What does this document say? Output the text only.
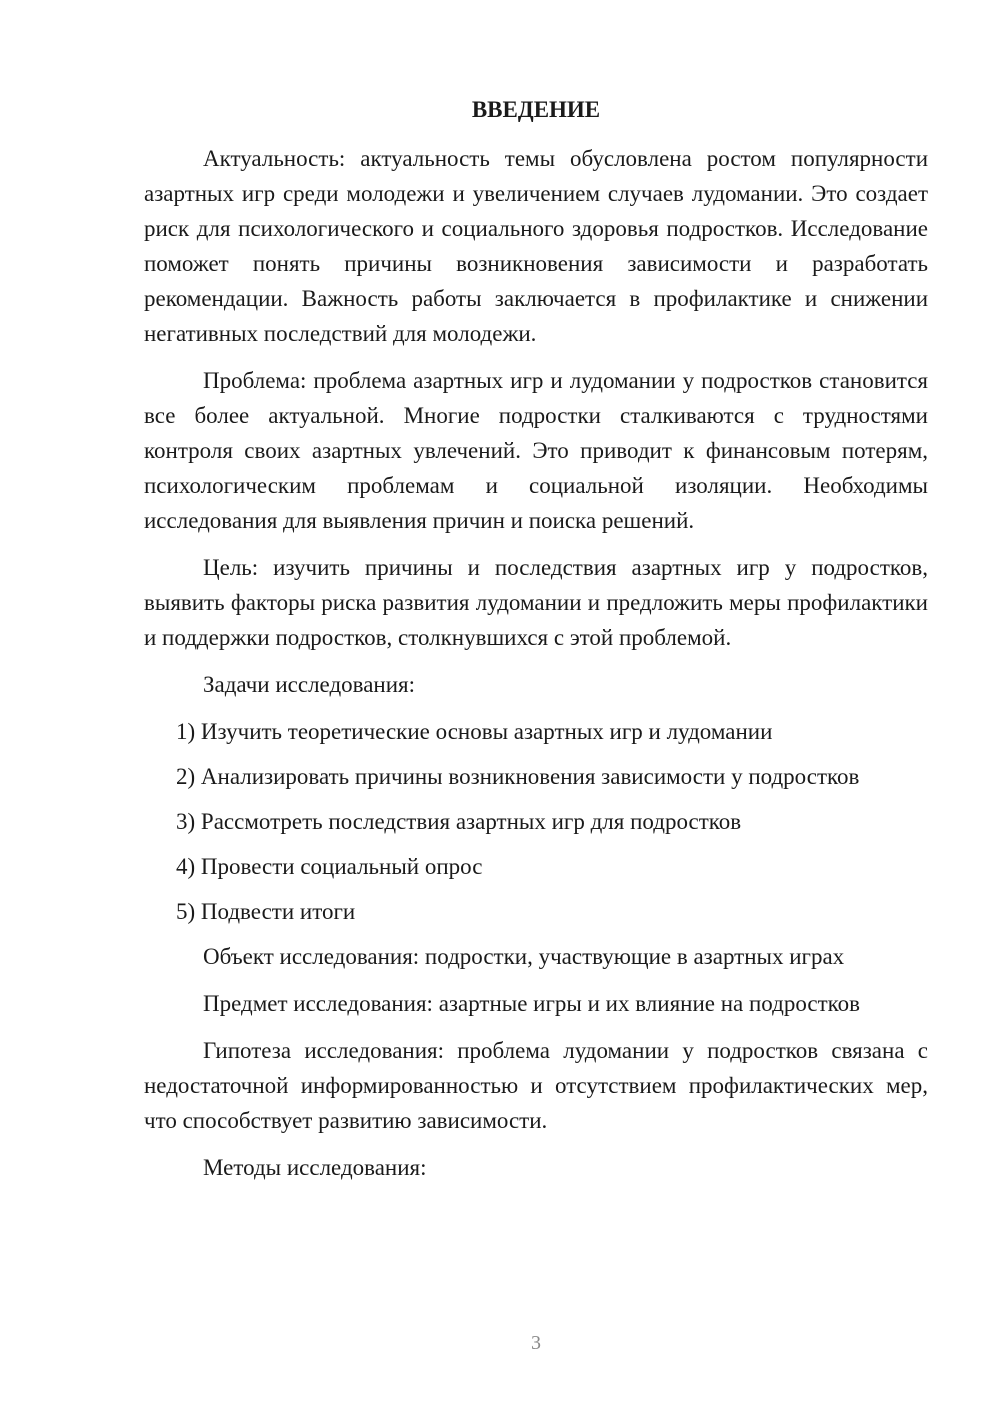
ВВЕДЕНИЕ

Актуальность: актуальность темы обусловлена ростом популярности азартных игр среди молодежи и увеличением случаев лудомании. Это создает риск для психологического и социального здоровья подростков. Исследование поможет понять причины возникновения зависимости и разработать рекомендации. Важность работы заключается в профилактике и снижении негативных последствий для молодежи.

Проблема: проблема азартных игр и лудомании у подростков становится все более актуальной. Многие подростки сталкиваются с трудностями контроля своих азартных увлечений. Это приводит к финансовым потерям, психологическим проблемам и социальной изоляции. Необходимы исследования для выявления причин и поиска решений.

Цель: изучить причины и последствия азартных игр у подростков, выявить факторы риска развития лудомании и предложить меры профилактики и поддержки подростков, столкнувшихся с этой проблемой.

Задачи исследования:

1) Изучить теоретические основы азартных игр и лудомании
2) Анализировать причины возникновения зависимости у подростков
3) Рассмотреть последствия азартных игр для подростков
4) Провести социальный опрос
5) Подвести итоги

Объект исследования: подростки, участвующие в азартных играх

Предмет исследования: азартные игры и их влияние на подростков

Гипотеза исследования: проблема лудомании у подростков связана с недостаточной информированностью и отсутствием профилактических мер, что способствует развитию зависимости.

Методы исследования:

3
